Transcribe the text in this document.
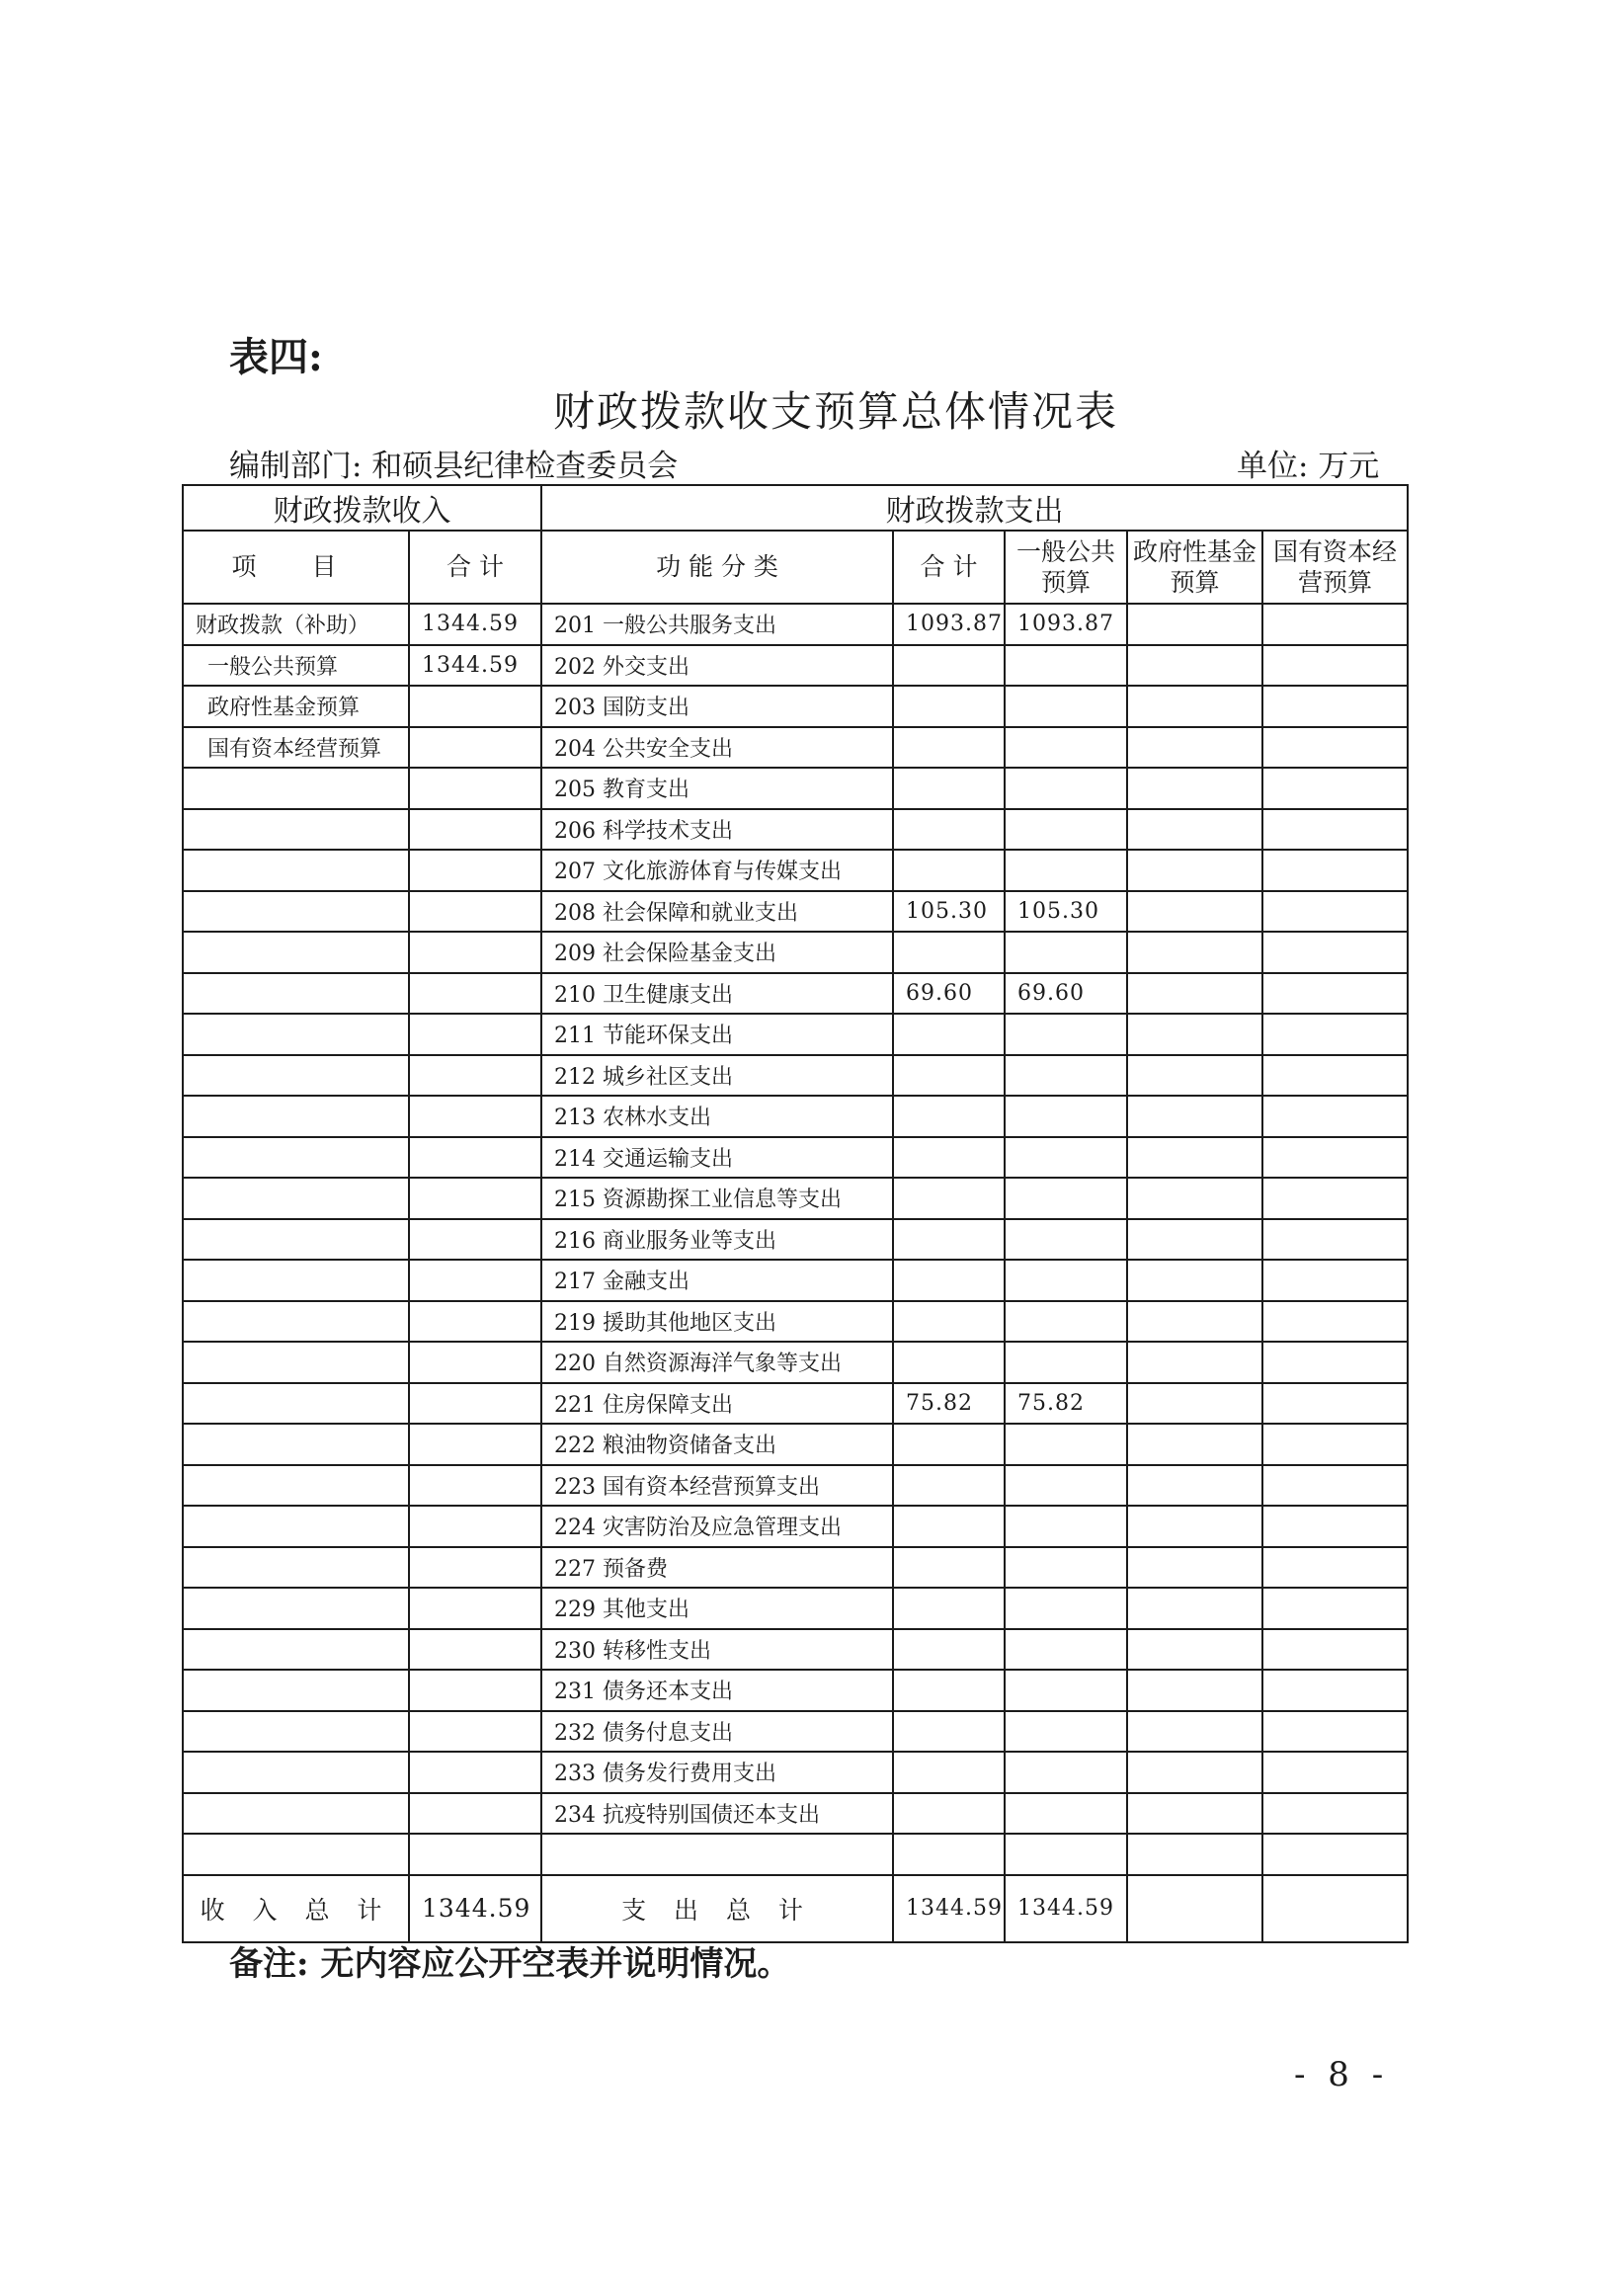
表四:
财政拨款收支预算总体情况表
编制部门: 和硕县纪律检查委员会	单位: 万元
财政拨款收入		财政拨款支出				
项 目	合 计	功 能 分 类	合 计	一般公共预算	政府性基金预算	国有资本经营预算
财政拨款（补助）	1344.59	201 一般公共服务支出	1093.87	1093.87		
一般公共预算	1344.59	202 外交支出				
政府性基金预算		203 国防支出				
国有资本经营预算		204 公共安全支出				
		205 教育支出				
		206 科学技术支出				
		207 文化旅游体育与传媒支出				
		208 社会保障和就业支出	105.30	105.30		
		209 社会保险基金支出				
		210 卫生健康支出	69.60	69.60		
		211 节能环保支出				
		212 城乡社区支出				
		213 农林水支出				
		214 交通运输支出				
		215 资源勘探工业信息等支出				
		216 商业服务业等支出				
		217 金融支出				
		219 援助其他地区支出				
		220 自然资源海洋气象等支出				
		221 住房保障支出	75.82	75.82		
		222 粮油物资储备支出				
		223 国有资本经营预算支出				
		224 灾害防治及应急管理支出				
		227 预备费				
		229 其他支出				
		230 转移性支出				
		231 债务还本支出				
		232 债务付息支出				
		233 债务发行费用支出				
		234 抗疫特别国债还本支出				

收 入 总 计	1344.59	支 出 总 计	1344.59	1344.59		
备注: 无内容应公开空表并说明情况。
- 8 -
